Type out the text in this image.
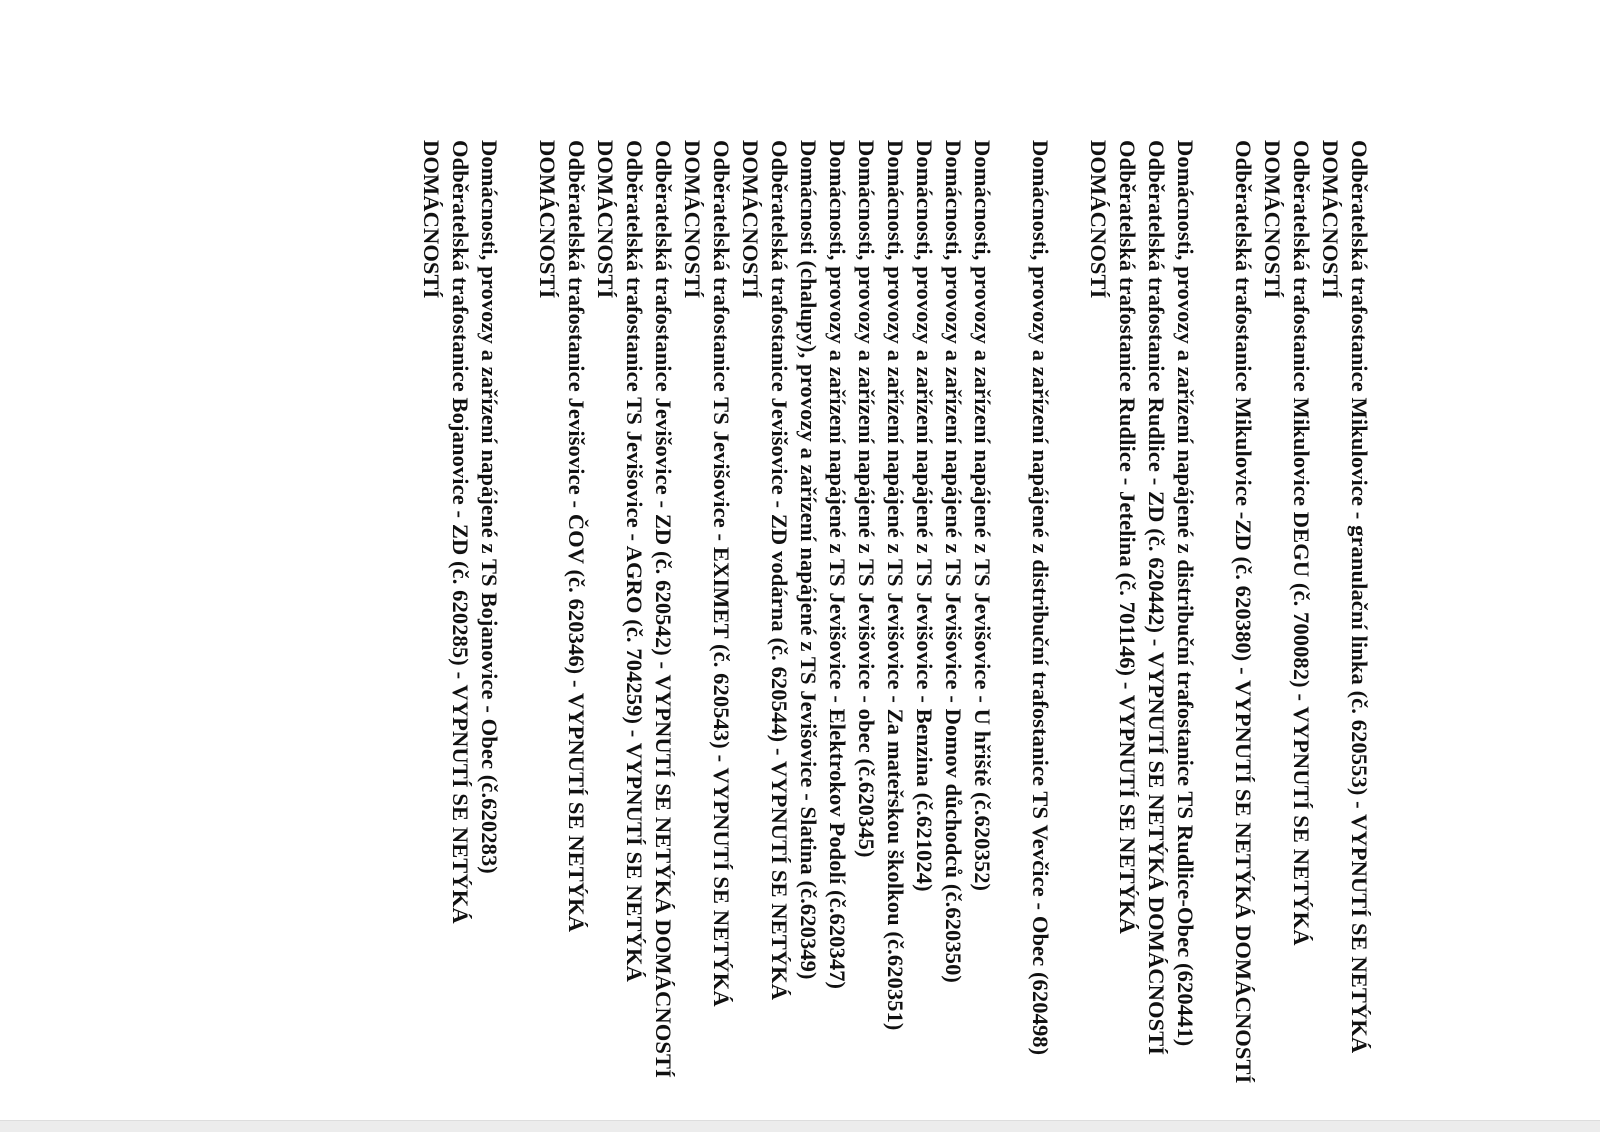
Odběratelská trafostanice Mikulovice - granulační linka (č. 620553) - VYPNUTÍ SE NETÝKÁ DOMÁCNOSTÍ

Odběratelská trafostanice Mikulovice DEGU (č. 700082) - VYPNUTÍ SE NETÝKÁ DOMÁCNOSTÍ

Odběratelská trafostanice Mikulovice -ZD (č. 620380) - VYPNUTÍ SE NETÝKÁ DOMÁCNOSTÍ

Domácnosti, provozy a zařízení napájené z distribuční trafostanice TS Rudlice-Obec (620441)

Odběratelská trafostanice Rudlice - ZD (č. 620442) - VYPNUTÍ SE NETÝKÁ DOMÁCNOSTÍ

Odběratelská trafostanice Rudlice - Jetelina (č. 701146) - VYPNUTÍ SE NETÝKÁ DOMÁCNOSTÍ

Domácnosti, provozy a zařízení napájené z distribuční trafostanice TS Vevčice - Obec (620498)

Domácnosti, provozy a zařízení napájené z TS Jevišovice - U hřiště (č.620352)

Domácnosti, provozy a zařízení napájené z TS Jevišovice - Domov důchodců (č.620350)

Domácnosti, provozy a zařízení napájené z TS Jevišovice - Benzina (č.621024)

Domácnosti, provozy a zařízení napájené z TS Jevišovice - Za mateřskou školkou (č.620351)

Domácnosti, provozy a zařízení napájené z TS Jevišovice - obec (č.620345)

Domácnosti, provozy a zařízení napájené z TS Jevišovice - Elektrokov Podolí (č.620347)

Domácnosti (chalupy), provozy a zařízení napájené z TS Jevišovice - Slatina (č.620349)

Odběratelská trafostanice Jevišovice - ZD vodárna (č. 620544) - VYPNUTÍ SE NETÝKÁ DOMÁCNOSTÍ

Odběratelská trafostanice TS Jevišovice - EXIMET (č. 620543) - VYPNUTÍ SE NETÝKÁ DOMÁCNOSTÍ

Odběratelská trafostanice Jevišovice - ZD (č. 620542) - VYPNUTÍ SE NETÝKÁ DOMÁCNOSTÍ

Odběratelská trafostanice TS Jevišovice - AGRO (č. 704259) - VYPNUTÍ SE NETÝKÁ DOMÁCNOSTÍ

Odběratelská trafostanice Jevišovice - ČOV (č. 620346) - VYPNUTÍ SE NETÝKÁ DOMÁCNOSTÍ

Domácnosti, provozy a zařízení napájené z TS Bojanovice - Obec (č.620283)

Odběratelská trafostanice Bojanovice - ZD (č. 620285) - VYPNUTÍ SE NETÝKÁ DOMÁCNOSTÍ
